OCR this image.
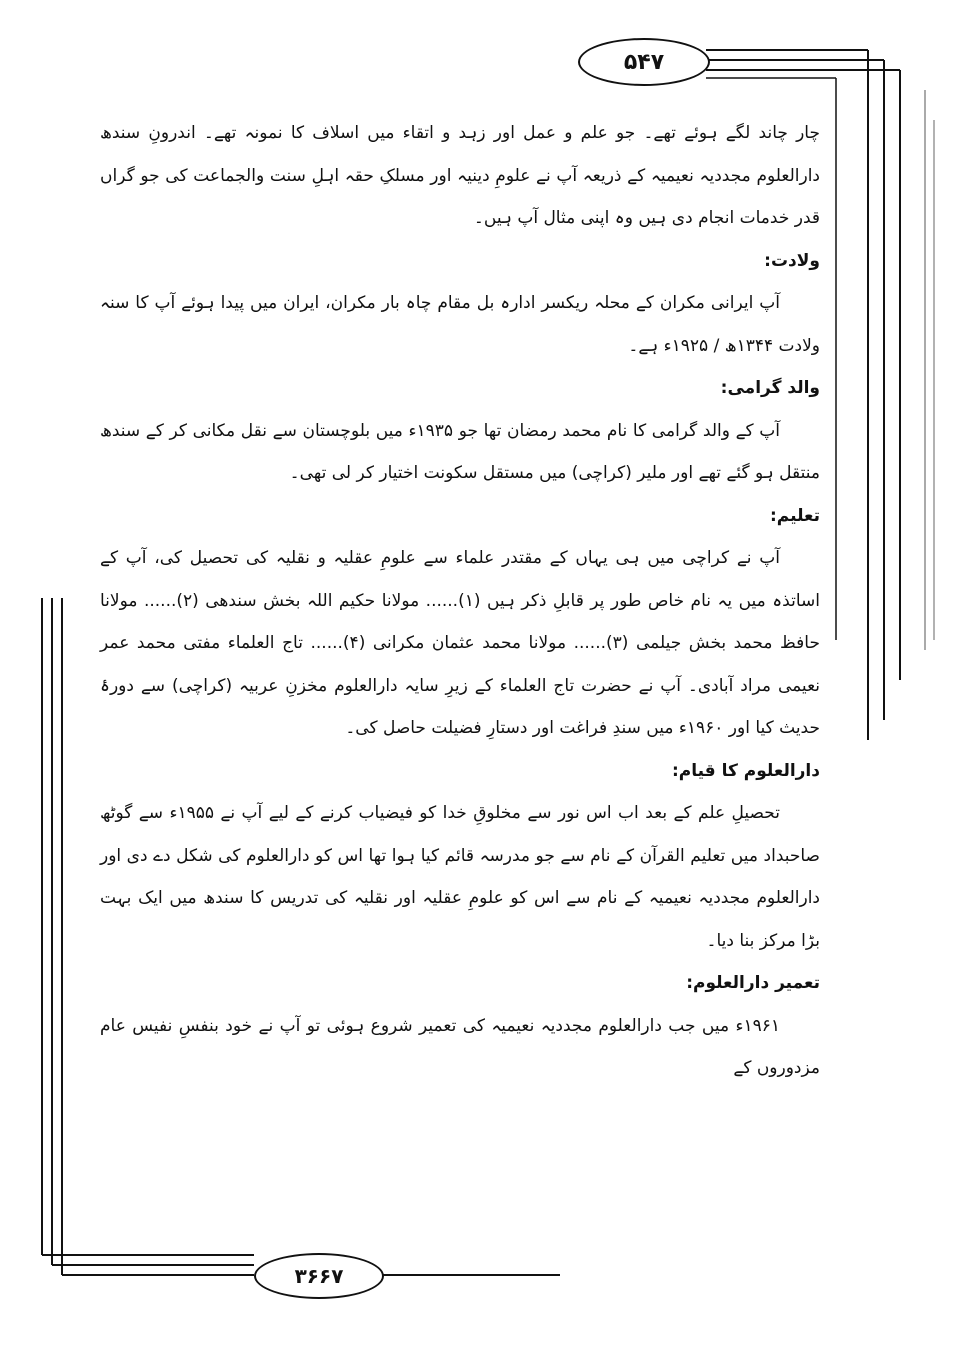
۵۴۷
۳۶۶۷

چار چاند لگے ہوئے تھے۔ جو علم و عمل اور زہد و اتقاء میں اسلاف کا نمونہ تھے۔ اندرونِ سندھ دارالعلوم مجددیہ نعیمیہ کے ذریعہ آپ نے علومِ دینیہ اور مسلکِ حقہ اہلِ سنت والجماعت کی جو گراں قدر خدمات انجام دی ہیں وہ اپنی مثال آپ ہیں۔

ولادت:

آپ ایرانی مکران کے محلہ ریکسر ادارہ بل مقام چاہ بار مکران، ایران میں پیدا ہوئے آپ کا سنہ ولادت ۱۳۴۴ھ / ۱۹۲۵ء ہے۔

والد گرامی:

آپ کے والد گرامی کا نام محمد رمضان تھا جو ۱۹۳۵ء میں بلوچستان سے نقل مکانی کر کے سندھ منتقل ہو گئے تھے اور ملیر (کراچی) میں مستقل سکونت اختیار کر لی تھی۔

تعلیم:

آپ نے کراچی میں ہی یہاں کے مقتدر علماء سے علومِ عقلیہ و نقلیہ کی تحصیل کی، آپ کے اساتذہ میں یہ نام خاص طور پر قابلِ ذکر ہیں (۱)...... مولانا حکیم اللہ بخش سندھی (۲)...... مولانا حافظ محمد بخش جیلمی (۳)...... مولانا محمد عثمان مکرانی (۴)...... تاج العلماء مفتی محمد عمر نعیمی مراد آبادی۔ آپ نے حضرت تاج العلماء کے زیرِ سایہ دارالعلوم مخزنِ عربیہ (کراچی) سے دورۂ حدیث کیا اور ۱۹۶۰ء میں سندِ فراغت اور دستارِ فضیلت حاصل کی۔

دارالعلوم کا قیام:

تحصیلِ علم کے بعد اب اس نور سے مخلوقِ خدا کو فیضیاب کرنے کے لیے آپ نے ۱۹۵۵ء سے گوٹھ صاحبداد میں تعلیم القرآن کے نام سے جو مدرسہ قائم کیا ہوا تھا اس کو دارالعلوم کی شکل دے دی اور دارالعلوم مجددیہ نعیمیہ کے نام سے اس کو علومِ عقلیہ اور نقلیہ کی تدریس کا سندھ میں ایک بہت بڑا مرکز بنا دیا۔

تعمیر دارالعلوم:

۱۹۶۱ء میں جب دارالعلوم مجددیہ نعیمیہ کی تعمیر شروع ہوئی تو آپ نے خود بنفسِ نفیس عام مزدوروں کے
